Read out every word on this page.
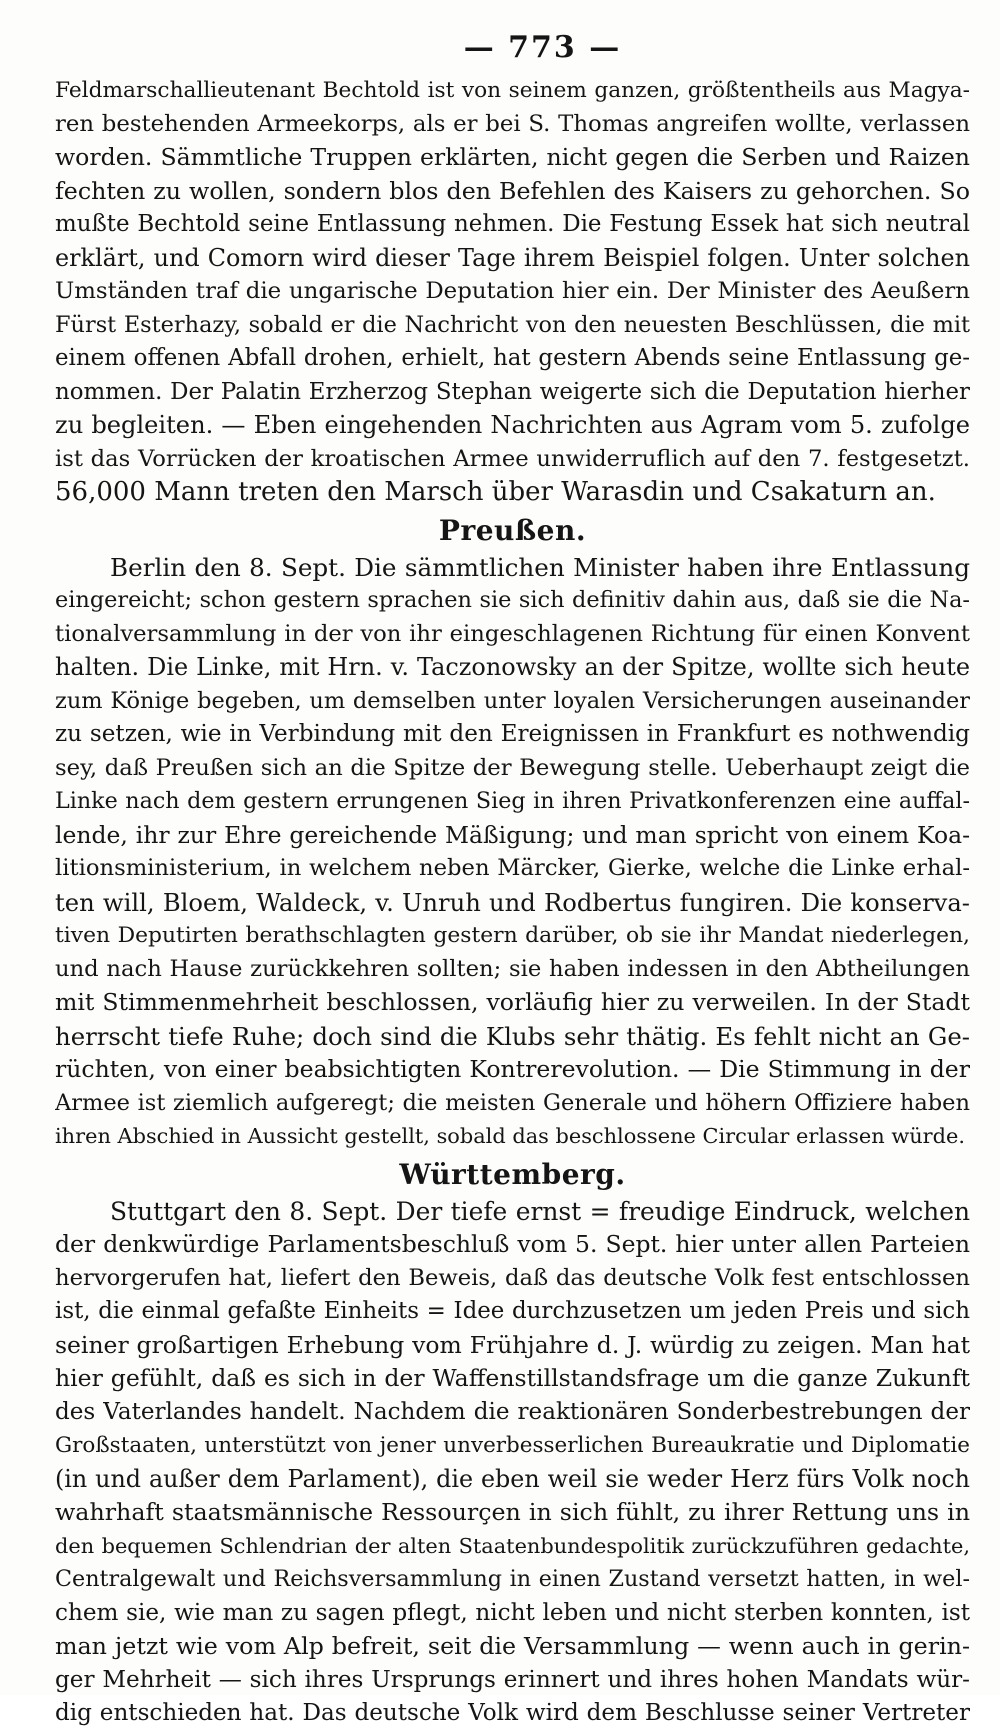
— 773 —
Feldmarschallieutenant Bechtold ist von seinem ganzen, größtentheils aus Magya-
ren bestehenden Armeekorps, als er bei S. Thomas angreifen wollte, verlassen
worden. Sämmtliche Truppen erklärten, nicht gegen die Serben und Raizen
fechten zu wollen, sondern blos den Befehlen des Kaisers zu gehorchen. So
mußte Bechtold seine Entlassung nehmen. Die Festung Essek hat sich neutral
erklärt, und Comorn wird dieser Tage ihrem Beispiel folgen. Unter solchen
Umständen traf die ungarische Deputation hier ein. Der Minister des Aeußern
Fürst Esterhazy, sobald er die Nachricht von den neuesten Beschlüssen, die mit
einem offenen Abfall drohen, erhielt, hat gestern Abends seine Entlassung ge-
nommen. Der Palatin Erzherzog Stephan weigerte sich die Deputation hierher
zu begleiten. — Eben eingehenden Nachrichten aus Agram vom 5. zufolge
ist das Vorrücken der kroatischen Armee unwiderruflich auf den 7. festgesetzt.
56,000 Mann treten den Marsch über Warasdin und Csakaturn an.
Preußen.
Berlin den 8. Sept. Die sämmtlichen Minister haben ihre Entlassung
eingereicht; schon gestern sprachen sie sich definitiv dahin aus, daß sie die Na-
tionalversammlung in der von ihr eingeschlagenen Richtung für einen Konvent
halten. Die Linke, mit Hrn. v. Taczonowsky an der Spitze, wollte sich heute
zum Könige begeben, um demselben unter loyalen Versicherungen auseinander
zu setzen, wie in Verbindung mit den Ereignissen in Frankfurt es nothwendig
sey, daß Preußen sich an die Spitze der Bewegung stelle. Ueberhaupt zeigt die
Linke nach dem gestern errungenen Sieg in ihren Privatkonferenzen eine auffal-
lende, ihr zur Ehre gereichende Mäßigung; und man spricht von einem Koa-
litionsministerium, in welchem neben Märcker, Gierke, welche die Linke erhal-
ten will, Bloem, Waldeck, v. Unruh und Rodbertus fungiren. Die konserva-
tiven Deputirten berathschlagten gestern darüber, ob sie ihr Mandat niederlegen,
und nach Hause zurückkehren sollten; sie haben indessen in den Abtheilungen
mit Stimmenmehrheit beschlossen, vorläufig hier zu verweilen. In der Stadt
herrscht tiefe Ruhe; doch sind die Klubs sehr thätig. Es fehlt nicht an Ge-
rüchten, von einer beabsichtigten Kontrerevolution. — Die Stimmung in der
Armee ist ziemlich aufgeregt; die meisten Generale und höhern Offiziere haben
ihren Abschied in Aussicht gestellt, sobald das beschlossene Circular erlassen würde.
Württemberg.
Stuttgart den 8. Sept. Der tiefe ernst = freudige Eindruck, welchen
der denkwürdige Parlamentsbeschluß vom 5. Sept. hier unter allen Parteien
hervorgerufen hat, liefert den Beweis, daß das deutsche Volk fest entschlossen
ist, die einmal gefaßte Einheits = Idee durchzusetzen um jeden Preis und sich
seiner großartigen Erhebung vom Frühjahre d. J. würdig zu zeigen. Man hat
hier gefühlt, daß es sich in der Waffenstillstandsfrage um die ganze Zukunft
des Vaterlandes handelt. Nachdem die reaktionären Sonderbestrebungen der
Großstaaten, unterstützt von jener unverbesserlichen Bureaukratie und Diplomatie
(in und außer dem Parlament), die eben weil sie weder Herz fürs Volk noch
wahrhaft staatsmännische Ressourçen in sich fühlt, zu ihrer Rettung uns in
den bequemen Schlendrian der alten Staatenbundespolitik zurückzuführen gedachte,
Centralgewalt und Reichsversammlung in einen Zustand versetzt hatten, in wel-
chem sie, wie man zu sagen pflegt, nicht leben und nicht sterben konnten, ist
man jetzt wie vom Alp befreit, seit die Versammlung — wenn auch in gerin-
ger Mehrheit — sich ihres Ursprungs erinnert und ihres hohen Mandats wür-
dig entschieden hat. Das deutsche Volk wird dem Beschlusse seiner Vertreter
